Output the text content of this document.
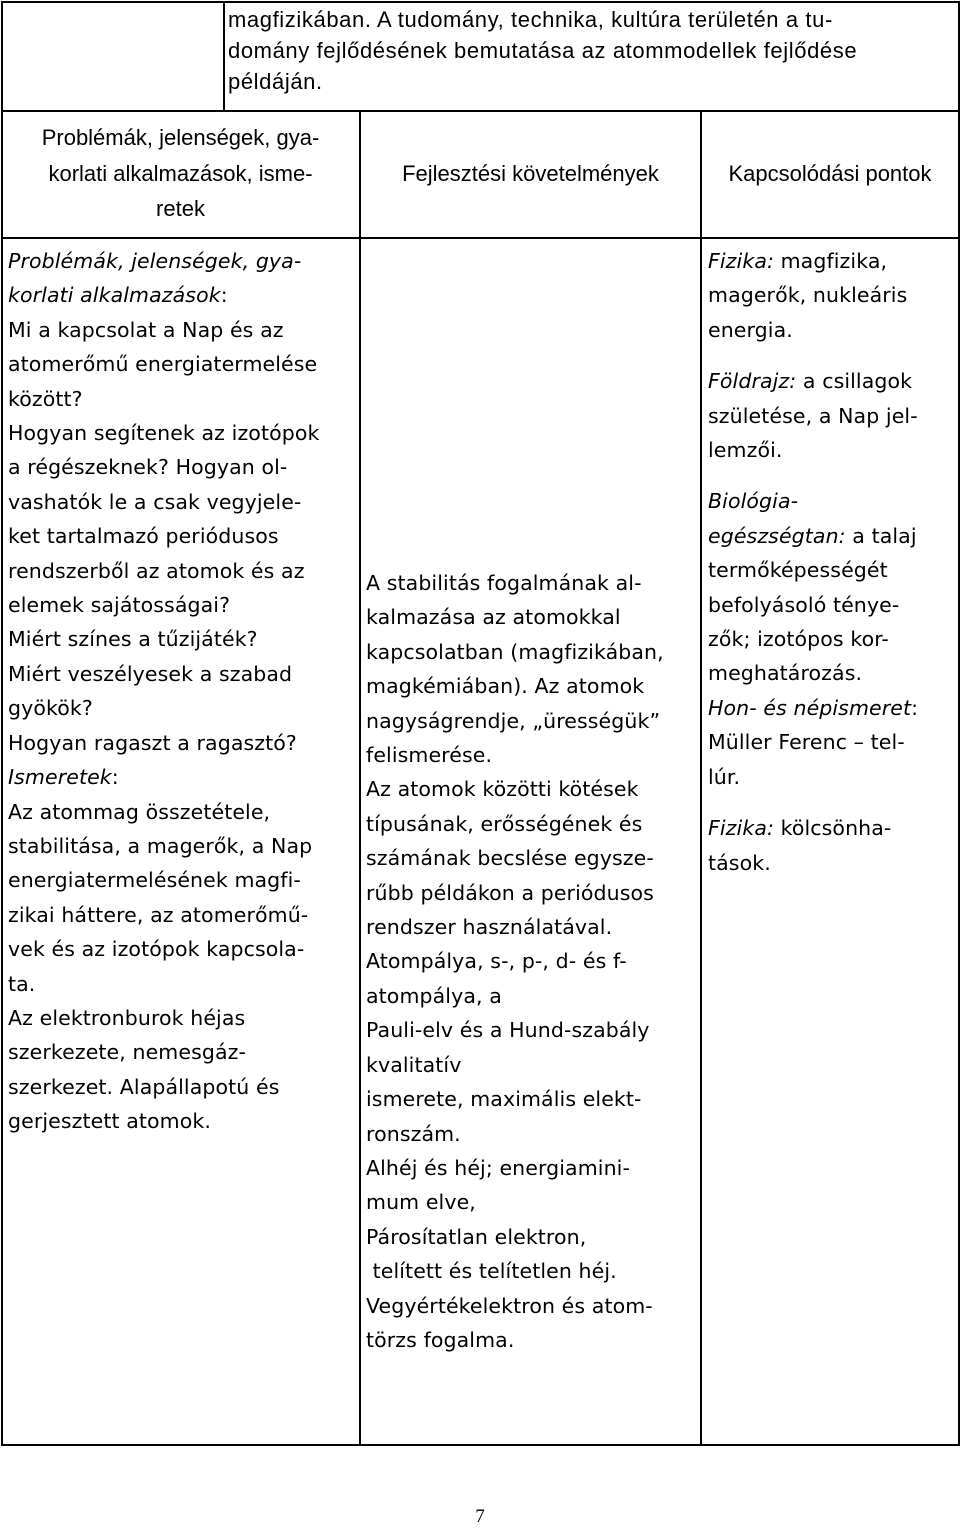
magfizikában. A tudomány, technika, kultúra területén a tu-
domány fejlődésének bemutatása az atommodellek fejlődése
példáján.
Problémák, jelenségek, gya-
korlati alkalmazások, isme-
retek
Fejlesztési követelmények	Kapcsolódási pontok
Problémák, jelenségek, gya-
korlati alkalmazások:
Mi a kapcsolat a Nap és az
atomerőmű energiatermelése
között?
Hogyan segítenek az izotópok
a régészeknek? Hogyan ol-
vashatók le a csak vegyjele-
ket tartalmazó periódusos
rendszerből az atomok és az
elemek sajátosságai?
Miért színes a tűzijáték?
Miért veszélyesek a szabad
gyökök?
Hogyan ragaszt a ragasztó?
Ismeretek:
Az atommag összetétele,
stabilitása, a magerők, a Nap
energiatermelésének magfi-
zikai háttere, az atomerőmű-
vek és az izotópok kapcsola-
ta.
Az elektronburok héjas
szerkezete, nemesgáz-
szerkezet. Alapállapotú és
gerjesztett atomok.
A stabilitás fogalmának al-
kalmazása az atomokkal
kapcsolatban (magfizikában,
magkémiában). Az atomok
nagyságrendje, „ürességük”
felismerése.
Az atomok közötti kötések
típusának, erősségének és
számának becslése egysze-
rűbb példákon a periódusos
rendszer használatával.
Atompálya, s-, p-, d- és f-
atompálya, a
Pauli-elv és a Hund-szabály
kvalitatív
ismerete, maximális elekt-
ronszám.
Alhéj és héj; energiamini-
mum elve,
Párosítatlan elektron,
telített és telítetlen héj.
Vegyértékelektron és atom-
törzs fogalma.
Fizika: magfizika,
magerők, nukleáris
energia.
Földrajz: a csillagok
születése, a Nap jel-
lemzői.
Biológia-
egészségtan: a talaj
termőképességét
befolyásoló ténye-
zők; izotópos kor-
meghatározás.
Hon- és népismeret:
Müller Ferenc – tel-
lúr.
Fizika: kölcsönha-
tások.
7
